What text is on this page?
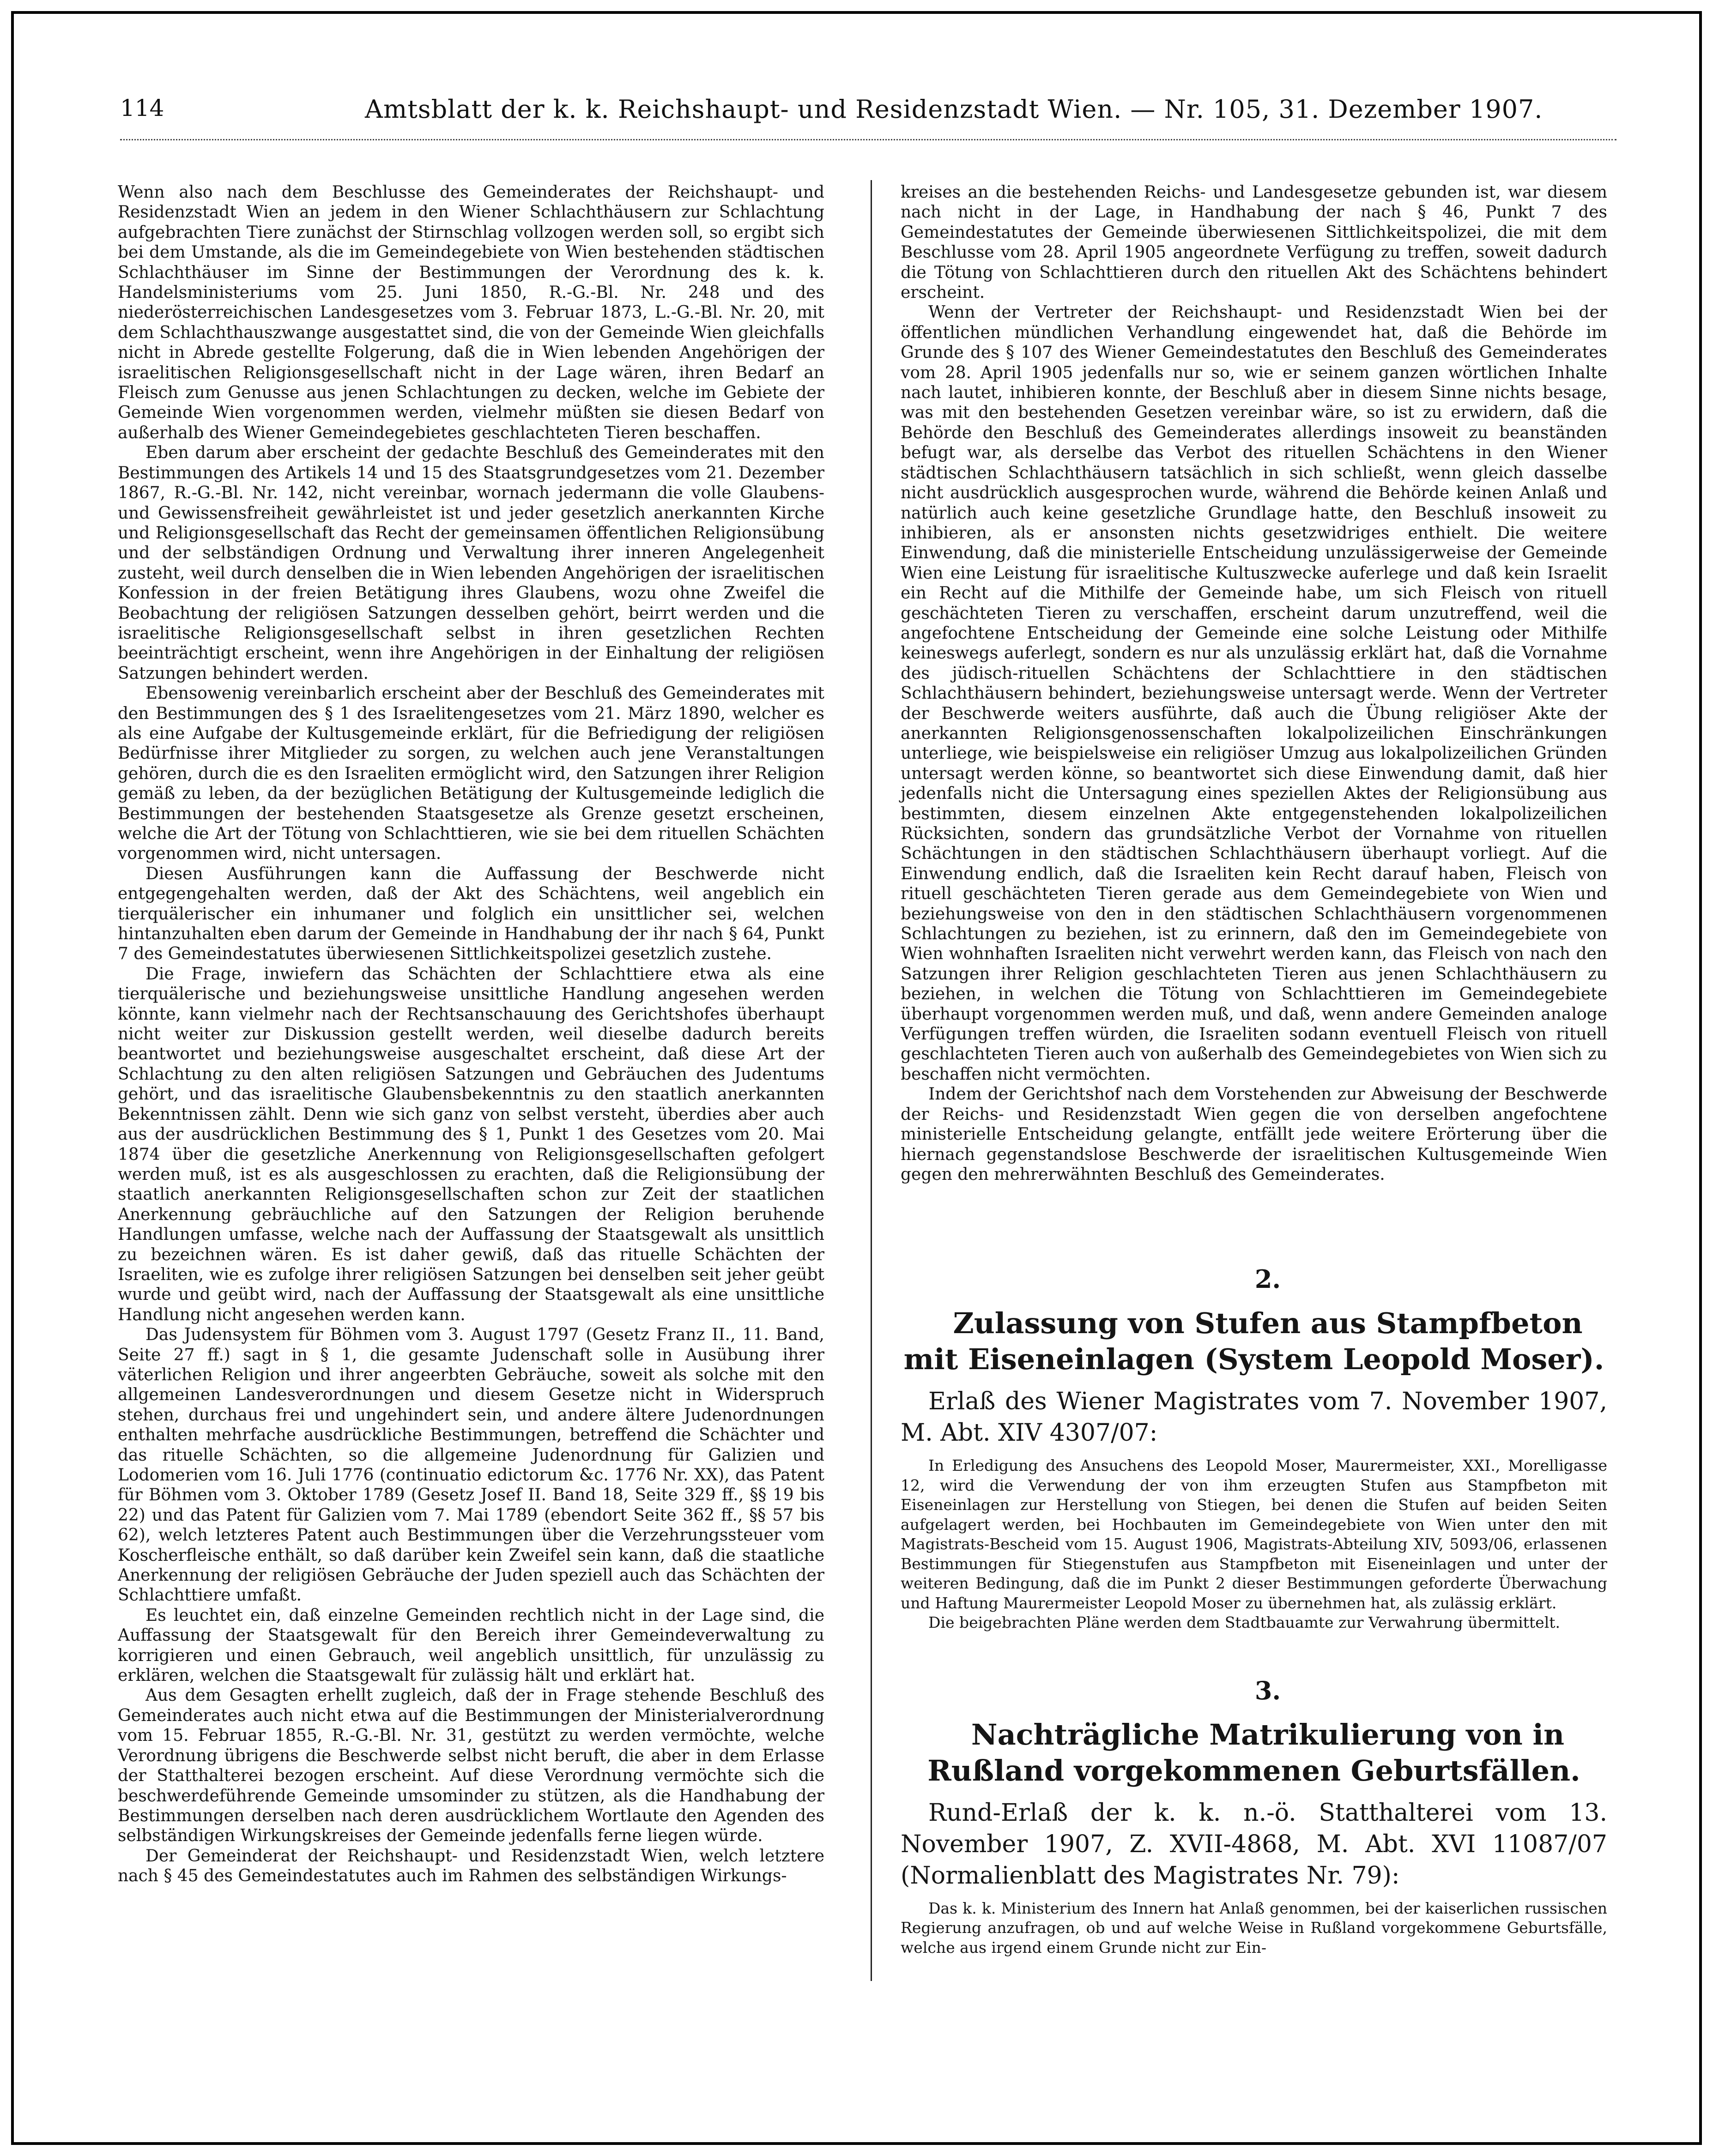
114	Amtsblatt der k. k. Reichshaupt- und Residenzstadt Wien. — Nr. 105, 31. Dezember 1907.

Wenn also nach dem Beschlusse des Gemeinderates der Reichshaupt- und Residenzstadt Wien an jedem in den Wiener Schlachthäusern zur Schlachtung aufgebrachten Tiere zunächst der Stirnschlag vollzogen werden soll, so ergibt sich bei dem Umstande, als die im Gemeindegebiete von Wien bestehenden städtischen Schlachthäuser im Sinne der Bestimmungen der Verordnung des k. k. Handelsministeriums vom 25. Juni 1850, R.-G.-Bl. Nr. 248 und des niederösterreichischen Landesgesetzes vom 3. Februar 1873, L.-G.-Bl. Nr. 20, mit dem Schlachthauszwange ausgestattet sind, die von der Gemeinde Wien gleichfalls nicht in Abrede gestellte Folgerung, daß die in Wien lebenden Angehörigen der israelitischen Religionsgesellschaft nicht in der Lage wären, ihren Bedarf an Fleisch zum Genusse aus jenen Schlachtungen zu decken, welche im Gebiete der Gemeinde Wien vorgenommen werden, vielmehr müßten sie diesen Bedarf von außerhalb des Wiener Gemeindegebietes geschlachteten Tieren beschaffen.

Eben darum aber erscheint der gedachte Beschluß des Gemeinderates mit den Bestimmungen des Artikels 14 und 15 des Staatsgrundgesetzes vom 21. Dezember 1867, R.-G.-Bl. Nr. 142, nicht vereinbar, wornach jedermann die volle Glaubens- und Gewissensfreiheit gewährleistet ist und jeder gesetzlich anerkannten Kirche und Religionsgesellschaft das Recht der gemeinsamen öffentlichen Religionsübung und der selbständigen Ordnung und Verwaltung ihrer inneren Angelegenheit zusteht, weil durch denselben die in Wien lebenden Angehörigen der israelitischen Konfession in der freien Betätigung ihres Glaubens, wozu ohne Zweifel die Beobachtung der religiösen Satzungen desselben gehört, beirrt werden und die israelitische Religionsgesellschaft selbst in ihren gesetzlichen Rechten beeinträchtigt erscheint, wenn ihre Angehörigen in der Einhaltung der religiösen Satzungen behindert werden.

Ebensowenig vereinbarlich erscheint aber der Beschluß des Gemeinderates mit den Bestimmungen des § 1 des Israelitengesetzes vom 21. März 1890, welcher es als eine Aufgabe der Kultusgemeinde erklärt, für die Befriedigung der religiösen Bedürfnisse ihrer Mitglieder zu sorgen, zu welchen auch jene Veranstaltungen gehören, durch die es den Israeliten ermöglicht wird, den Satzungen ihrer Religion gemäß zu leben, da der bezüglichen Betätigung der Kultusgemeinde lediglich die Bestimmungen der bestehenden Staatsgesetze als Grenze gesetzt erscheinen, welche die Art der Tötung von Schlachttieren, wie sie bei dem rituellen Schächten vorgenommen wird, nicht untersagen.

Diesen Ausführungen kann die Auffassung der Beschwerde nicht entgegengehalten werden, daß der Akt des Schächtens, weil angeblich ein tierquälerischer ein inhumaner und folglich ein unsittlicher sei, welchen hintanzuhalten eben darum der Gemeinde in Handhabung der ihr nach § 64, Punkt 7 des Gemeindestatutes überwiesenen Sittlichkeitspolizei gesetzlich zustehe.

Die Frage, inwiefern das Schächten der Schlachttiere etwa als eine tierquälerische und beziehungsweise unsittliche Handlung angesehen werden könnte, kann vielmehr nach der Rechtsanschauung des Gerichtshofes überhaupt nicht weiter zur Diskussion gestellt werden, weil dieselbe dadurch bereits beantwortet und beziehungsweise ausgeschaltet erscheint, daß diese Art der Schlachtung zu den alten religiösen Satzungen und Gebräuchen des Judentums gehört, und das israelitische Glaubensbekenntnis zu den staatlich anerkannten Bekenntnissen zählt. Denn wie sich ganz von selbst versteht, überdies aber auch aus der ausdrücklichen Bestimmung des § 1, Punkt 1 des Gesetzes vom 20. Mai 1874 über die gesetzliche Anerkennung von Religionsgesellschaften gefolgert werden muß, ist es als ausgeschlossen zu erachten, daß die Religionsübung der staatlich anerkannten Religionsgesellschaften schon zur Zeit der staatlichen Anerkennung gebräuchliche auf den Satzungen der Religion beruhende Handlungen umfasse, welche nach der Auffassung der Staatsgewalt als unsittlich zu bezeichnen wären. Es ist daher gewiß, daß das rituelle Schächten der Israeliten, wie es zufolge ihrer religiösen Satzungen bei denselben seit jeher geübt wurde und geübt wird, nach der Auffassung der Staatsgewalt als eine unsittliche Handlung nicht angesehen werden kann.

Das Judensystem für Böhmen vom 3. August 1797 (Gesetz Franz II., 11. Band, Seite 27 ff.) sagt in § 1, die gesamte Judenschaft solle in Ausübung ihrer väterlichen Religion und ihrer angeerbten Gebräuche, soweit als solche mit den allgemeinen Landesverordnungen und diesem Gesetze nicht in Widerspruch stehen, durchaus frei und ungehindert sein, und andere ältere Judenordnungen enthalten mehrfache ausdrückliche Bestimmungen, betreffend die Schächter und das rituelle Schächten, so die allgemeine Judenordnung für Galizien und Lodomerien vom 16. Juli 1776 (continuatio edictorum &c. 1776 Nr. XX), das Patent für Böhmen vom 3. Oktober 1789 (Gesetz Josef II. Band 18, Seite 329 ff., §§ 19 bis 22) und das Patent für Galizien vom 7. Mai 1789 (ebendort Seite 362 ff., §§ 57 bis 62), welch letzteres Patent auch Bestimmungen über die Verzehrungssteuer vom Koscherfleische enthält, so daß darüber kein Zweifel sein kann, daß die staatliche Anerkennung der religiösen Gebräuche der Juden speziell auch das Schächten der Schlachttiere umfaßt.

Es leuchtet ein, daß einzelne Gemeinden rechtlich nicht in der Lage sind, die Auffassung der Staatsgewalt für den Bereich ihrer Gemeindeverwaltung zu korrigieren und einen Gebrauch, weil angeblich unsittlich, für unzulässig zu erklären, welchen die Staatsgewalt für zulässig hält und erklärt hat.

Aus dem Gesagten erhellt zugleich, daß der in Frage stehende Beschluß des Gemeinderates auch nicht etwa auf die Bestimmungen der Ministerialverordnung vom 15. Februar 1855, R.-G.-Bl. Nr. 31, gestützt zu werden vermöchte, welche Verordnung übrigens die Beschwerde selbst nicht beruft, die aber in dem Erlasse der Statthalterei bezogen erscheint. Auf diese Verordnung vermöchte sich die beschwerdeführende Gemeinde umsominder zu stützen, als die Handhabung der Bestimmungen derselben nach deren ausdrücklichem Wortlaute den Agenden des selbständigen Wirkungskreises der Gemeinde jedenfalls ferne liegen würde.

Der Gemeinderat der Reichshaupt- und Residenzstadt Wien, welch letztere nach § 45 des Gemeindestatutes auch im Rahmen des selbständigen Wirkungs-

kreises an die bestehenden Reichs- und Landesgesetze gebunden ist, war diesem nach nicht in der Lage, in Handhabung der nach § 46, Punkt 7 des Gemeindestatutes der Gemeinde überwiesenen Sittlichkeitspolizei, die mit dem Beschlusse vom 28. April 1905 angeordnete Verfügung zu treffen, soweit dadurch die Tötung von Schlachttieren durch den rituellen Akt des Schächtens behindert erscheint.

Wenn der Vertreter der Reichshaupt- und Residenzstadt Wien bei der öffentlichen mündlichen Verhandlung eingewendet hat, daß die Behörde im Grunde des § 107 des Wiener Gemeindestatutes den Beschluß des Gemeinderates vom 28. April 1905 jedenfalls nur so, wie er seinem ganzen wörtlichen Inhalte nach lautet, inhibieren konnte, der Beschluß aber in diesem Sinne nichts besage, was mit den bestehenden Gesetzen vereinbar wäre, so ist zu erwidern, daß die Behörde den Beschluß des Gemeinderates allerdings insoweit zu beanständen befugt war, als derselbe das Verbot des rituellen Schächtens in den Wiener städtischen Schlachthäusern tatsächlich in sich schließt, wenn gleich dasselbe nicht ausdrücklich ausgesprochen wurde, während die Behörde keinen Anlaß und natürlich auch keine gesetzliche Grundlage hatte, den Beschluß insoweit zu inhibieren, als er ansonsten nichts gesetzwidriges enthielt. Die weitere Einwendung, daß die ministerielle Entscheidung unzulässigerweise der Gemeinde Wien eine Leistung für israelitische Kultuszwecke auferlege und daß kein Israelit ein Recht auf die Mithilfe der Gemeinde habe, um sich Fleisch von rituell geschächteten Tieren zu verschaffen, erscheint darum unzutreffend, weil die angefochtene Entscheidung der Gemeinde eine solche Leistung oder Mithilfe keineswegs auferlegt, sondern es nur als unzulässig erklärt hat, daß die Vornahme des jüdisch-rituellen Schächtens der Schlachttiere in den städtischen Schlachthäusern behindert, beziehungsweise untersagt werde. Wenn der Vertreter der Beschwerde weiters ausführte, daß auch die Übung religiöser Akte der anerkannten Religionsgenossenschaften lokalpolizeilichen Einschränkungen unterliege, wie beispielsweise ein religiöser Umzug aus lokalpolizeilichen Gründen untersagt werden könne, so beantwortet sich diese Einwendung damit, daß hier jedenfalls nicht die Untersagung eines speziellen Aktes der Religionsübung aus bestimmten, diesem einzelnen Akte entgegenstehenden lokalpolizeilichen Rücksichten, sondern das grundsätzliche Verbot der Vornahme von rituellen Schächtungen in den städtischen Schlachthäusern überhaupt vorliegt. Auf die Einwendung endlich, daß die Israeliten kein Recht darauf haben, Fleisch von rituell geschächteten Tieren gerade aus dem Gemeindegebiete von Wien und beziehungsweise von den in den städtischen Schlachthäusern vorgenommenen Schlachtungen zu beziehen, ist zu erinnern, daß den im Gemeindegebiete von Wien wohnhaften Israeliten nicht verwehrt werden kann, das Fleisch von nach den Satzungen ihrer Religion geschlachteten Tieren aus jenen Schlachthäusern zu beziehen, in welchen die Tötung von Schlachttieren im Gemeindegebiete überhaupt vorgenommen werden muß, und daß, wenn andere Gemeinden analoge Verfügungen treffen würden, die Israeliten sodann eventuell Fleisch von rituell geschlachteten Tieren auch von außerhalb des Gemeindegebietes von Wien sich zu beschaffen nicht vermöchten.

Indem der Gerichtshof nach dem Vorstehenden zur Abweisung der Beschwerde der Reichs- und Residenzstadt Wien gegen die von derselben angefochtene ministerielle Entscheidung gelangte, entfällt jede weitere Erörterung über die hiernach gegenstandslose Beschwerde der israelitischen Kultusgemeinde Wien gegen den mehrerwähnten Beschluß des Gemeinderates.

2.

Zulassung von Stufen aus Stampfbeton mit Eiseneinlagen (System Leopold Moser).

Erlaß des Wiener Magistrates vom 7. November 1907, M. Abt. XIV 4307/07:

In Erledigung des Ansuchens des Leopold Moser, Maurermeister, XXI., Morelligasse 12, wird die Verwendung der von ihm erzeugten Stufen aus Stampfbeton mit Eiseneinlagen zur Herstellung von Stiegen, bei denen die Stufen auf beiden Seiten aufgelagert werden, bei Hochbauten im Gemeindegebiete von Wien unter den mit Magistrats-Bescheid vom 15. August 1906, Magistrats-Abteilung XIV, 5093/06, erlassenen Bestimmungen für Stiegenstufen aus Stampfbeton mit Eiseneinlagen und unter der weiteren Bedingung, daß die im Punkt 2 dieser Bestimmungen geforderte Überwachung und Haftung Maurermeister Leopold Moser zu übernehmen hat, als zulässig erklärt.

Die beigebrachten Pläne werden dem Stadtbauamte zur Verwahrung übermittelt.

3.

Nachträgliche Matrikulierung von in Rußland vorgekommenen Geburtsfällen.

Rund-Erlaß der k. k. n.-ö. Statthalterei vom 13. November 1907, Z. XVII-4868, M. Abt. XVI 11087/07 (Normalienblatt des Magistrates Nr. 79):

Das k. k. Ministerium des Innern hat Anlaß genommen, bei der kaiserlichen russischen Regierung anzufragen, ob und auf welche Weise in Rußland vorgekommene Geburtsfälle, welche aus irgend einem Grunde nicht zur Ein-
